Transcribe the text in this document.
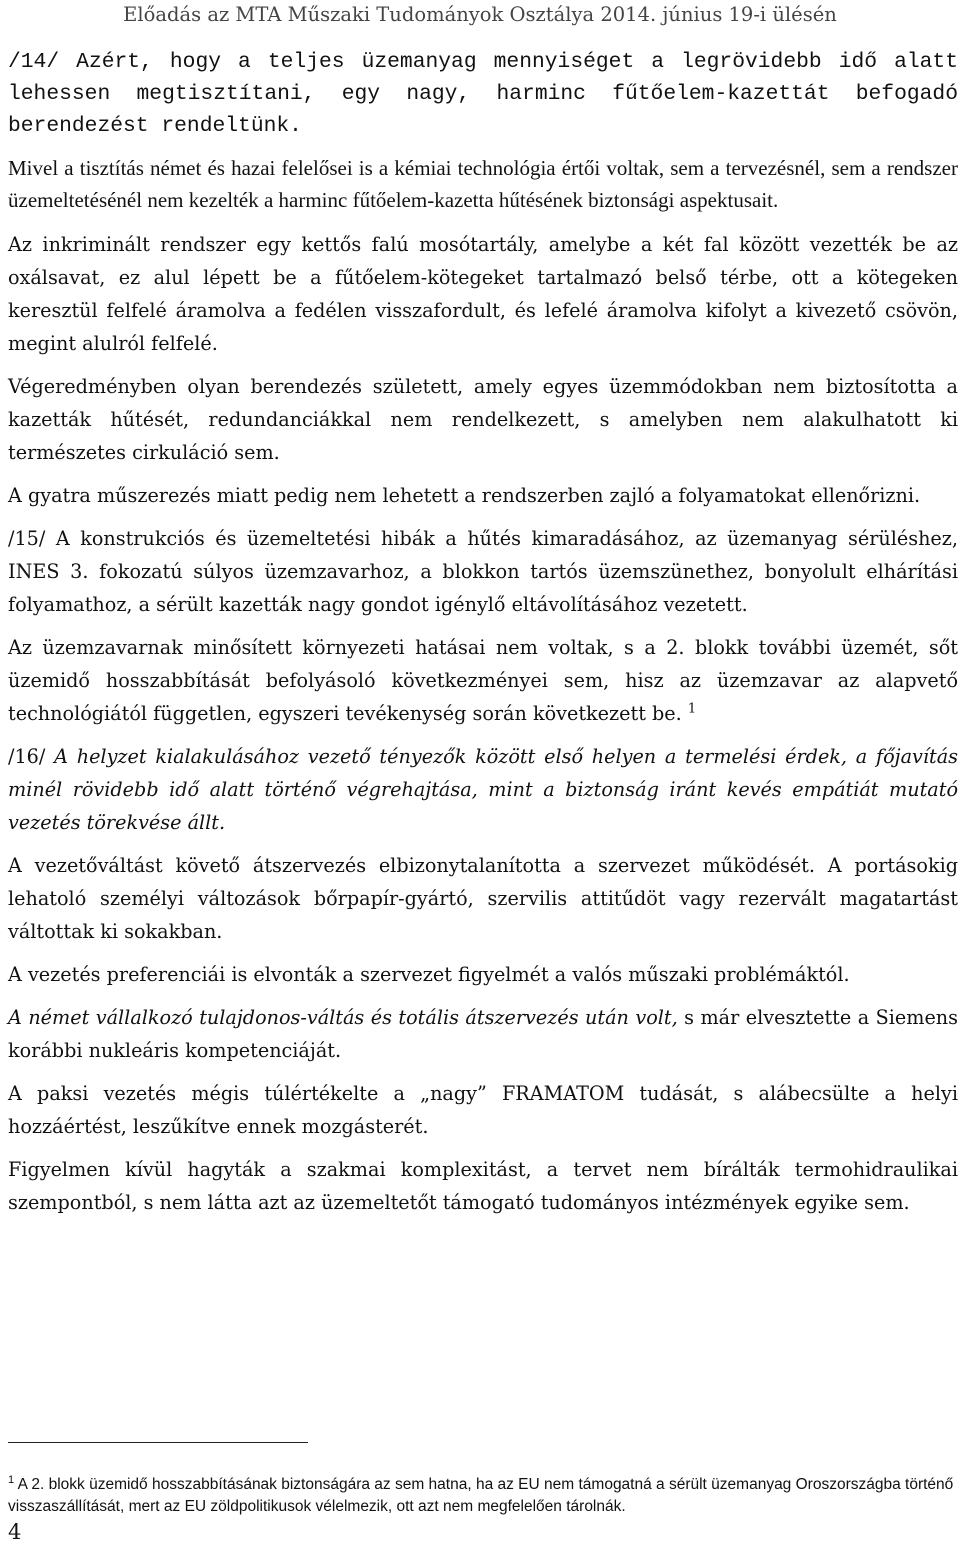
Előadás az MTA Műszaki Tudományok Osztálya 2014. június 19-i ülésén

/14/ Azért, hogy a teljes üzemanyag mennyiséget a legrövidebb idő alatt lehessen megtisztítani, egy nagy, harminc fűtőelem-kazettát befogadó berendezést rendeltünk.

Mivel a tisztítás német és hazai felelősei is a kémiai technológia értői voltak, sem a tervezésnél, sem a rendszer üzemeltetésénél nem kezelték a harminc fűtőelem-kazetta hűtésének biztonsági aspektusait.

Az inkriminált rendszer egy kettős falú mosótartály, amelybe a két fal között vezették be az oxálsavat, ez alul lépett be a fűtőelem-kötegeket tartalmazó belső térbe, ott a kötegeken keresztül felfelé áramolva a fedélen visszafordult, és lefelé áramolva kifolyt a kivezető csövön, megint alulról felfelé.

Végeredményben olyan berendezés született, amely egyes üzemmódokban nem biztosította a kazetták hűtését, redundanciákkal nem rendelkezett, s amelyben nem alakulhatott ki természetes cirkuláció sem.

A gyatra műszerezés miatt pedig nem lehetett a rendszerben zajló a folyamatokat ellenőrizni.

/15/ A konstrukciós és üzemeltetési hibák a hűtés kimaradásához, az üzemanyag sérüléshez, INES 3. fokozatú súlyos üzemzavarhoz, a blokkon tartós üzemszünethez, bonyolult elhárítási folyamathoz, a sérült kazetták nagy gondot igénylő eltávolításához vezetett.

Az üzemzavarnak minősített környezeti hatásai nem voltak, s a 2. blokk további üzemét, sőt üzemidő hosszabbítását befolyásoló következményei sem, hisz az üzemzavar az alapvető technológiától független, egyszeri tevékenység során következett be. $^1$

/16/ A helyzet kialakulásához vezető tényezők között első helyen a termelési érdek, a főjavítás minél rövidebb idő alatt történő végrehajtása, mint a biztonság iránt kevés empátiát mutató vezetés törekvése állt.

A vezetőváltást követő átszervezés elbizonytalanította a szervezet működését. A portásokig lehatoló személyi változások bőrpapír-gyártó, szervilis attitűdöt vagy rezervált magatartást váltottak ki sokakban.

A vezetés preferenciái is elvonták a szervezet figyelmét a valós műszaki problémáktól.

A német vállalkozó tulajdonos-váltás és totális átszervezés után volt, s már elvesztette a Siemens korábbi nukleáris kompetenciáját.

A paksi vezetés mégis túlértékelte a „nagy” FRAMATOM tudását, s alábecsülte a helyi hozzáértést, leszűkítve ennek mozgásterét.

Figyelmen kívül hagyták a szakmai komplexitást, a tervet nem bírálták termohidraulikai szempontból, s nem látta azt az üzemeltetőt támogató tudományos intézmények egyike sem.

$^1$ A 2. blokk üzemidő hosszabbításának biztonságára az sem hatna, ha az EU nem támogatná a sérült üzemanyag Oroszországba történő visszaszállítását, mert az EU zöldpolitikusok vélelmezik, ott azt nem megfelelően tárolnák.
4
